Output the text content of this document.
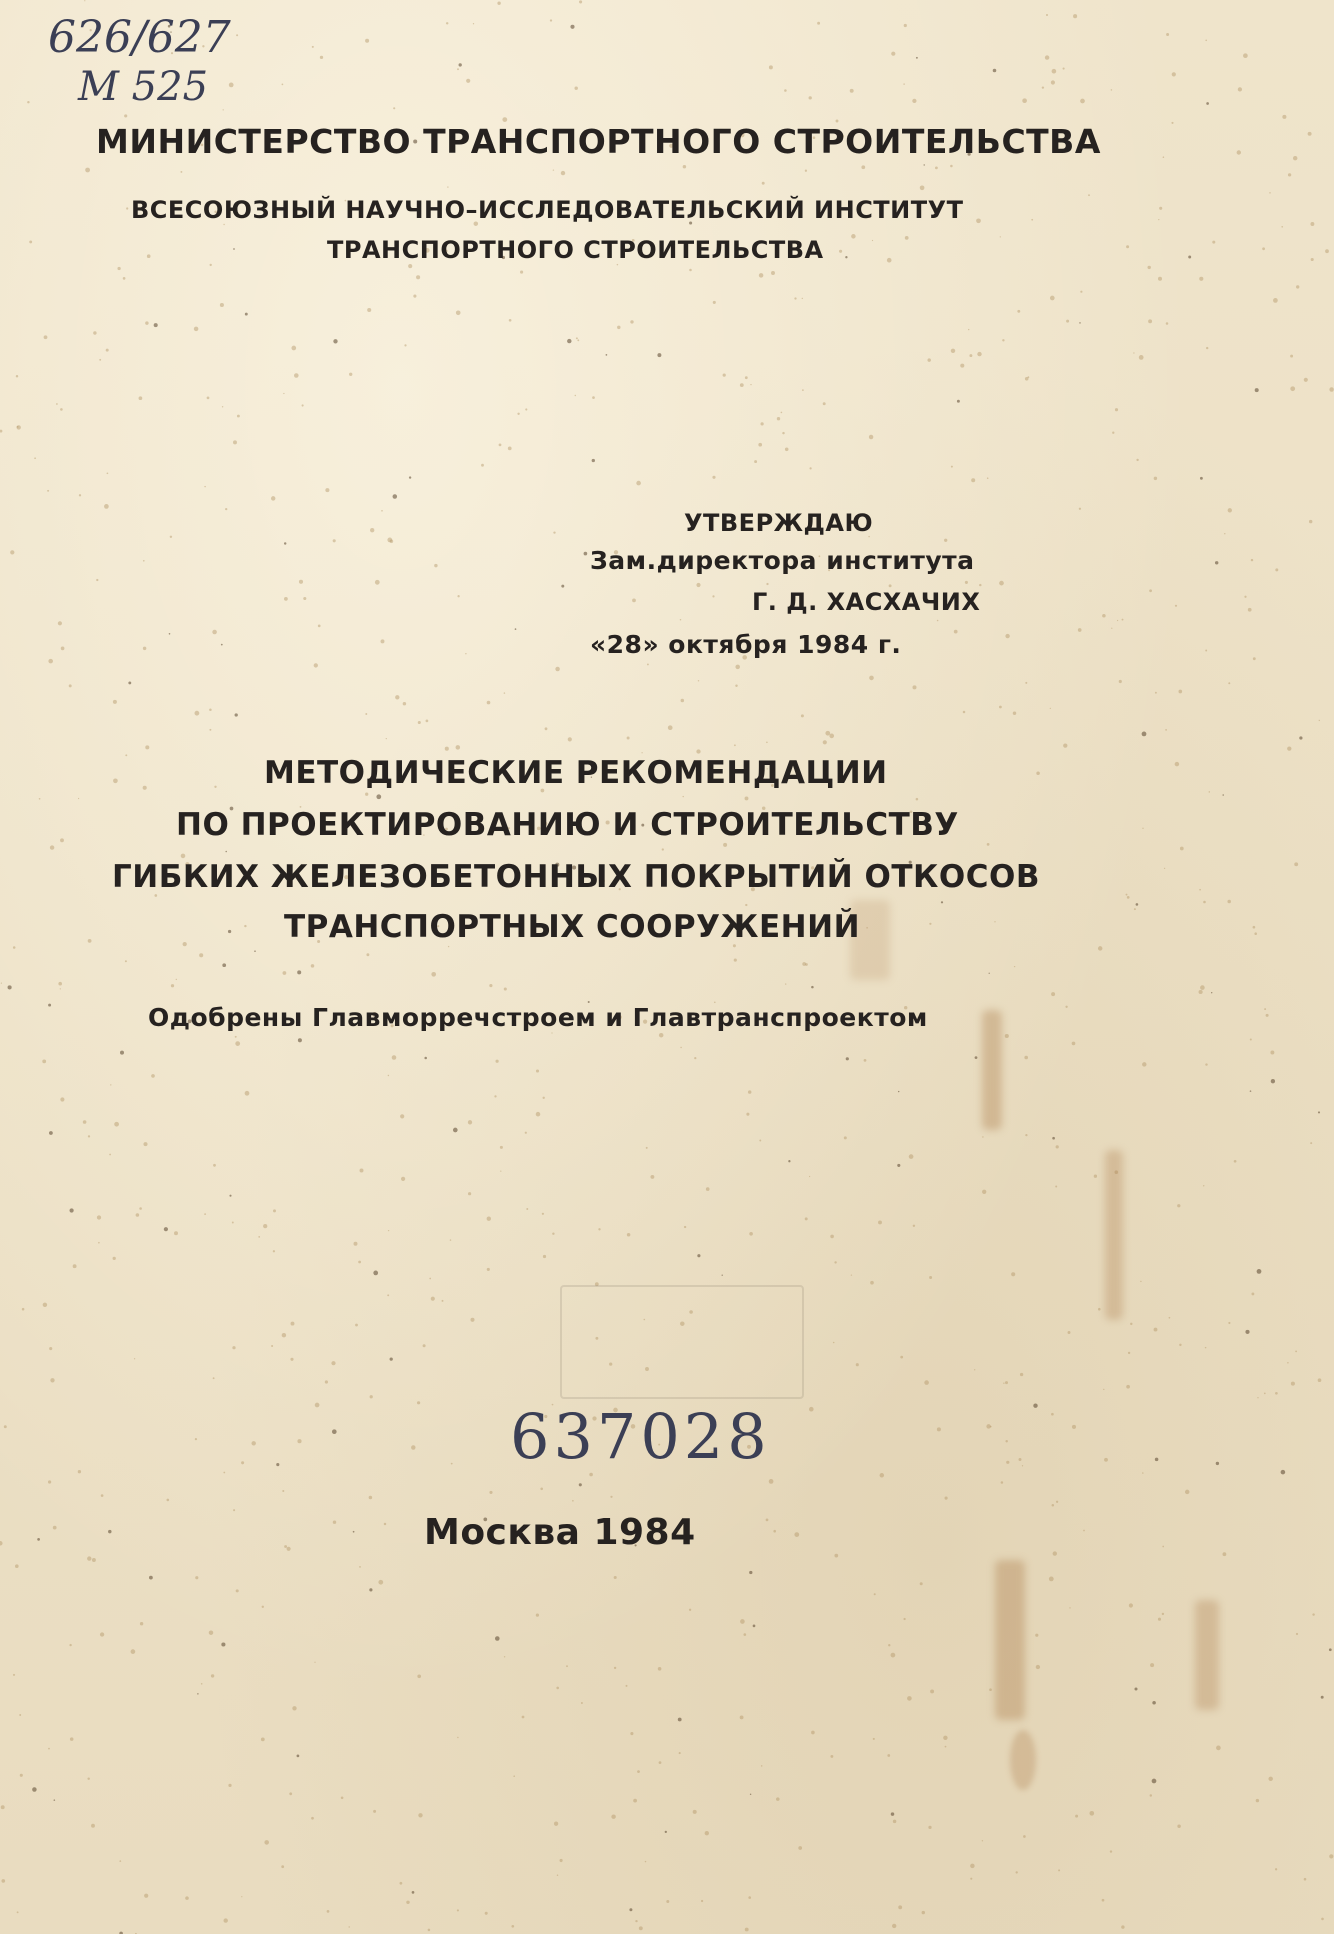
626/627
М 525
МИНИСТЕРСТВО ТРАНСПОРТНОГО СТРОИТЕЛЬСТВА
ВСЕСОЮЗНЫЙ НАУЧНО–ИССЛЕДОВАТЕЛЬСКИЙ ИНСТИТУТ
ТРАНСПОРТНОГО СТРОИТЕЛЬСТВА
УТВЕРЖДАЮ
Зам.директора института
Г. Д. ХАСХАЧИХ
«28» октября 1984 г.
МЕТОДИЧЕСКИЕ РЕКОМЕНДАЦИИ
ПО ПРОЕКТИРОВАНИЮ И СТРОИТЕЛЬСТВУ
ГИБКИХ ЖЕЛЕЗОБЕТОННЫХ ПОКРЫТИЙ ОТКОСОВ
ТРАНСПОРТНЫХ СООРУЖЕНИЙ
Одобрены Главморречстроем и Главтранспроектом
637028
Москва 1984
